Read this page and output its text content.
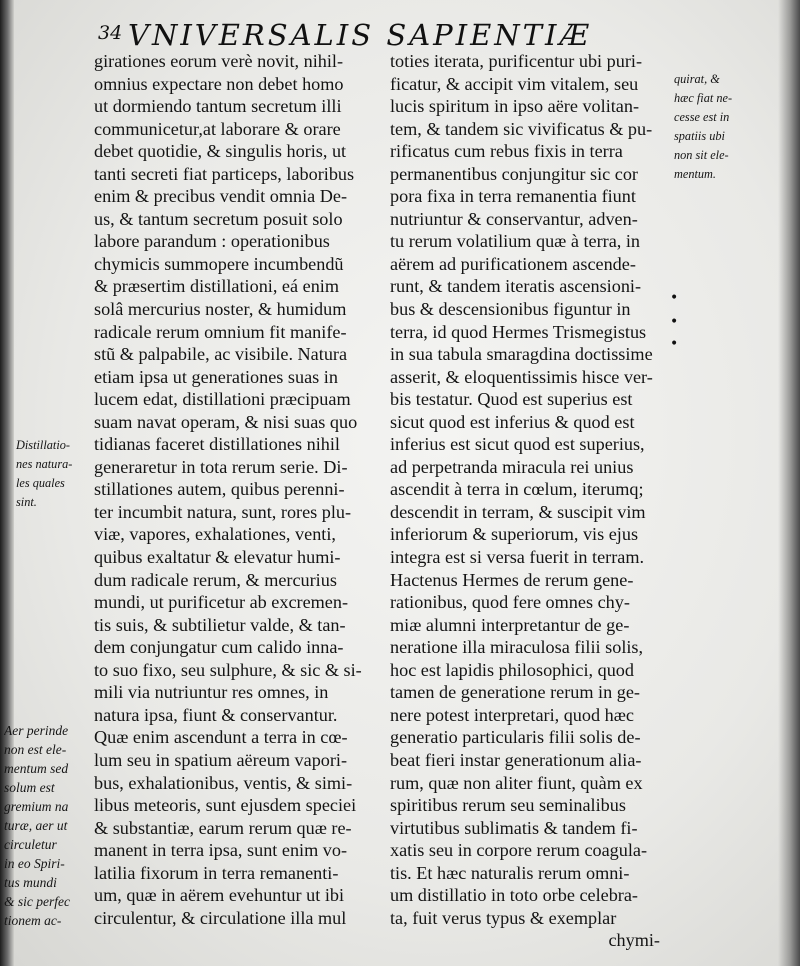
34 VNIVERSALIS SAPIENTIÆ
girationes eorum verè novit, nihil-
omnius expectare non debet homo
ut dormiendo tantum secretum illi
communicetur,at laborare & orare
debet quotidie, & singulis horis, ut
tanti secreti fiat particeps, laboribus
enim & precibus vendit omnia De-
us, & tantum secretum posuit solo
labore parandum : operationibus
chymicis summopere incumbendũ
& præsertim distillationi, eá enim
solâ mercurius noster, & humidum
radicale rerum omnium fit manife-
stũ & palpabile, ac visibile. Natura
etiam ipsa ut generationes suas in
lucem edat, distillationi præcipuam
suam navat operam, & nisi suas quo
tidianas faceret distillationes nihil
generaretur in tota rerum serie. Di-
stillationes autem, quibus perenni-
ter incumbit natura, sunt, rores plu-
viæ, vapores, exhalationes, venti,
quibus exaltatur & elevatur humi-
dum radicale rerum, & mercurius
mundi, ut purificetur ab excremen-
tis suis, & subtilietur valde, & tan-
dem conjungatur cum calido inna-
to suo fixo, seu sulphure, & sic & si-
mili via nutriuntur res omnes, in
natura ipsa, fiunt & conservantur.
Quæ enim ascendunt a terra in cœ-
lum seu in spatium aëreum vapori-
bus, exhalationibus, ventis, & simi-
libus meteoris, sunt ejusdem speciei
& substantiæ, earum rerum quæ re-
manent in terra ipsa, sunt enim vo-
latilia fixorum in terra remanenti-
um, quæ in aërem evehuntur ut ibi
circulentur, & circulatione illa mul
toties iterata, purificentur ubi puri-
ficatur, & accipit vim vitalem, seu
lucis spiritum in ipso aëre volitan-
tem, & tandem sic vivificatus & pu-
rificatus cum rebus fixis in terra
permanentibus conjungitur sic cor
pora fixa in terra remanentia fiunt
nutriuntur & conservantur, adven-
tu rerum volatilium quæ à terra, in
aërem ad purificationem ascende-
runt, & tandem iteratis ascensioni-
bus & descensionibus figuntur in
terra, id quod Hermes Trismegistus
in sua tabula smaragdina doctissime
asserit, & eloquentissimis hisce ver-
bis testatur. Quod est superius est
sicut quod est inferius & quod est
inferius est sicut quod est superius,
ad perpetranda miracula rei unius
ascendit à terra in cœlum, iterumq;
descendit in terram, & suscipit vim
inferiorum & superiorum, vis ejus
integra est si versa fuerit in terram.
Hactenus Hermes de rerum gene-
rationibus, quod fere omnes chy-
miæ alumni interpretantur de ge-
neratione illa miraculosa filii solis,
hoc est lapidis philosophici, quod
tamen de generatione rerum in ge-
nere potest interpretari, quod hæc
generatio particularis filii solis de-
beat fieri instar generationum alia-
rum, quæ non aliter fiunt, quàm ex
spiritibus rerum seu seminalibus
virtutibus sublimatis & tandem fi-
xatis seu in corpore rerum coagula-
tis. Et hæc naturalis rerum omni-
um distillatio in toto orbe celebra-
ta, fuit verus typus & exemplar
chymi-
Distillatio-
nes natura-
les quales
sint.
Aer perinde
non est ele-
mentum sed
solum est
gremium na
turæ, aer ut
circuletur
in eo Spiri-
tus mundi
& sic perfec
tionem ac-
quirat, &
hæc fiat ne-
cesse est in
spatiis ubi
non sit ele-
mentum.
•
•
•
